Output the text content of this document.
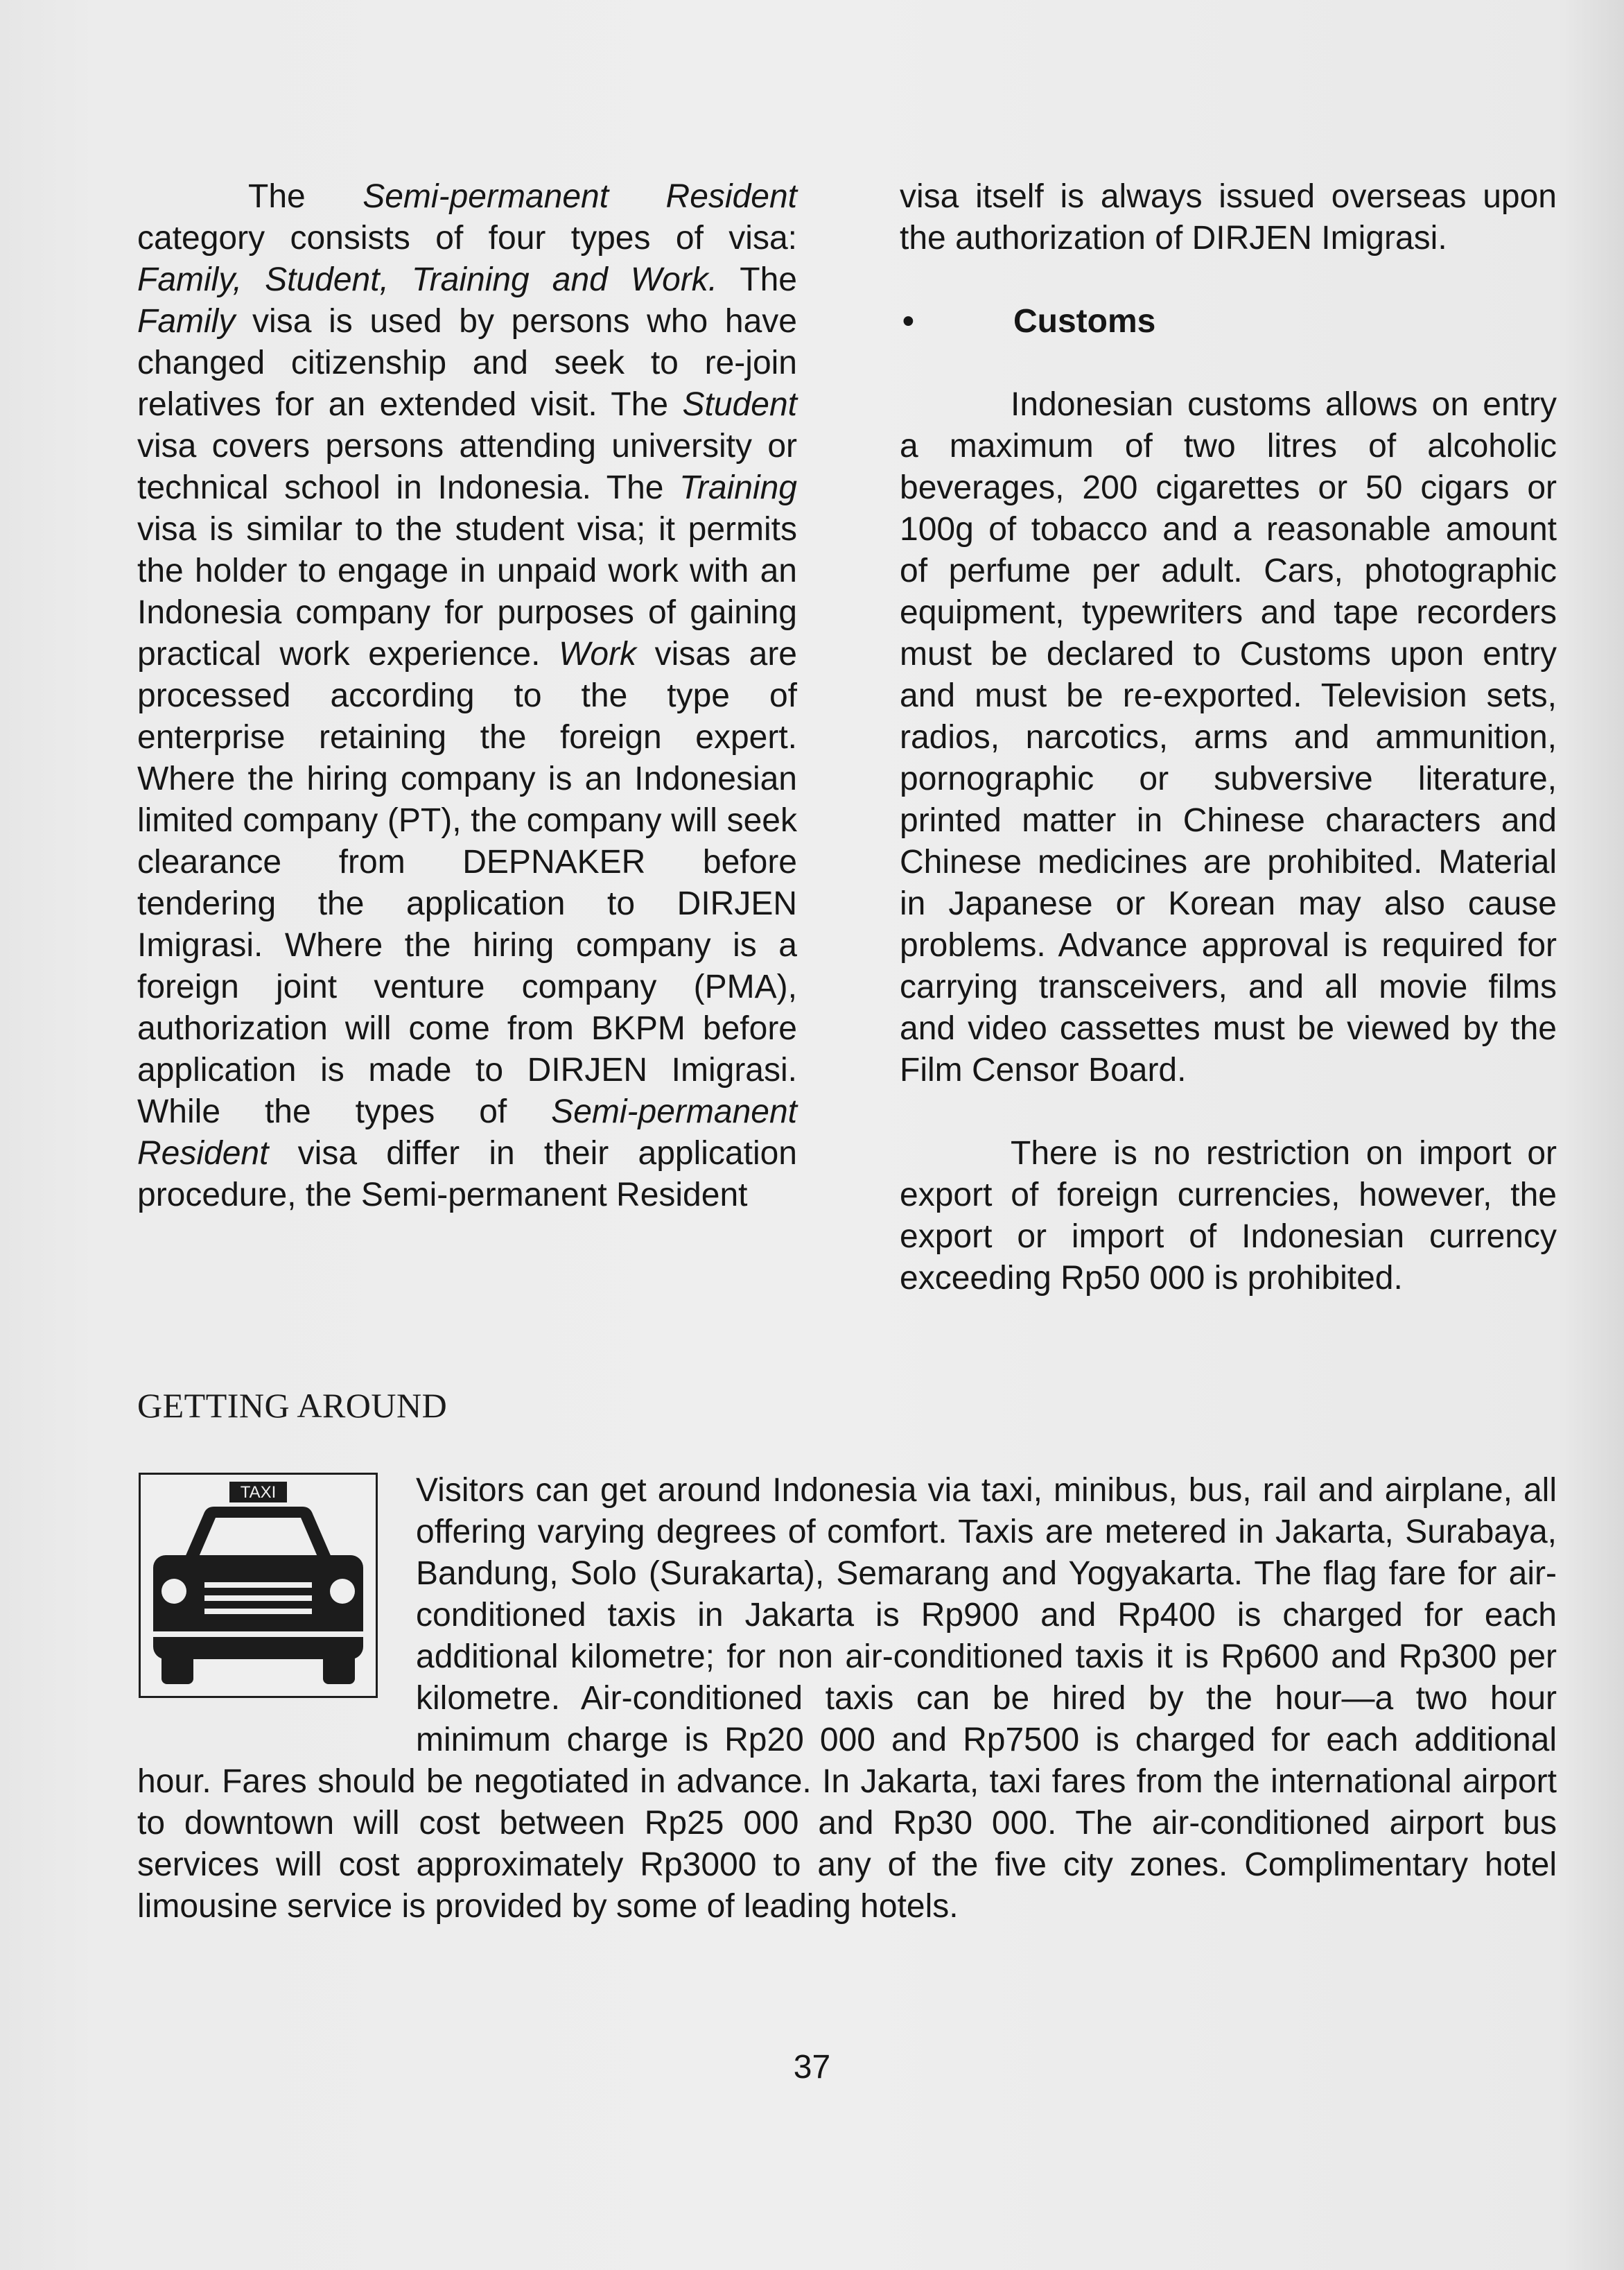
The Semi-permanent Resident category consists of four types of visa: Family, Student, Training and Work. The Family visa is used by persons who have changed citizenship and seek to re-join relatives for an extended visit. The Student visa covers persons attending university or technical school in Indonesia. The Training visa is similar to the student visa; it permits the holder to engage in unpaid work with an Indonesia company for purposes of gaining practical work experience. Work visas are processed according to the type of enterprise retaining the foreign expert. Where the hiring company is an Indonesian limited company (PT), the company will seek clearance from DEPNAKER before tendering the application to DIRJEN Imigrasi. Where the hiring company is a foreign joint venture company (PMA), authorization will come from BKPM before application is made to DIRJEN Imigrasi. While the types of Semi-permanent Resident visa differ in their application procedure, the Semi-permanent Resident

visa itself is always issued overseas upon the authorization of DIRJEN Imigrasi.

•	Customs

Indonesian customs allows on entry a maximum of two litres of alcoholic beverages, 200 cigarettes or 50 cigars or 100g of tobacco and a reasonable amount of perfume per adult. Cars, photographic equipment, typewriters and tape recorders must be declared to Customs upon entry and must be re-exported. Television sets, radios, narcotics, arms and ammunition, pornographic or subversive literature, printed matter in Chinese characters and Chinese medicines are prohibited. Material in Japanese or Korean may also cause problems. Advance approval is required for carrying transceivers, and all movie films and video cassettes must be viewed by the Film Censor Board.

There is no restriction on import or export of foreign currencies, however, the export or import of Indonesian currency exceeding Rp50 000 is prohibited.

GETTING AROUND

Visitors can get around Indonesia via taxi, minibus, bus, rail and airplane, all offering varying degrees of comfort. Taxis are metered in Jakarta, Surabaya, Bandung, Solo (Surakarta), Semarang and Yogyakarta. The flag fare for air-conditioned taxis in Jakarta is Rp900 and Rp400 is charged for each additional kilometre; for non air-conditioned taxis it is Rp600 and Rp300 per kilometre. Air-conditioned taxis can be hired by the hour—a two hour minimum charge is Rp20 000 and Rp7500 is charged for each additional hour. Fares should be negotiated in advance. In Jakarta, taxi fares from the international airport to downtown will cost between Rp25 000 and Rp30 000. The air-conditioned airport bus services will cost approximately Rp3000 to any of the five city zones. Complimentary hotel limousine service is provided by some of leading hotels.

TAXI
37
